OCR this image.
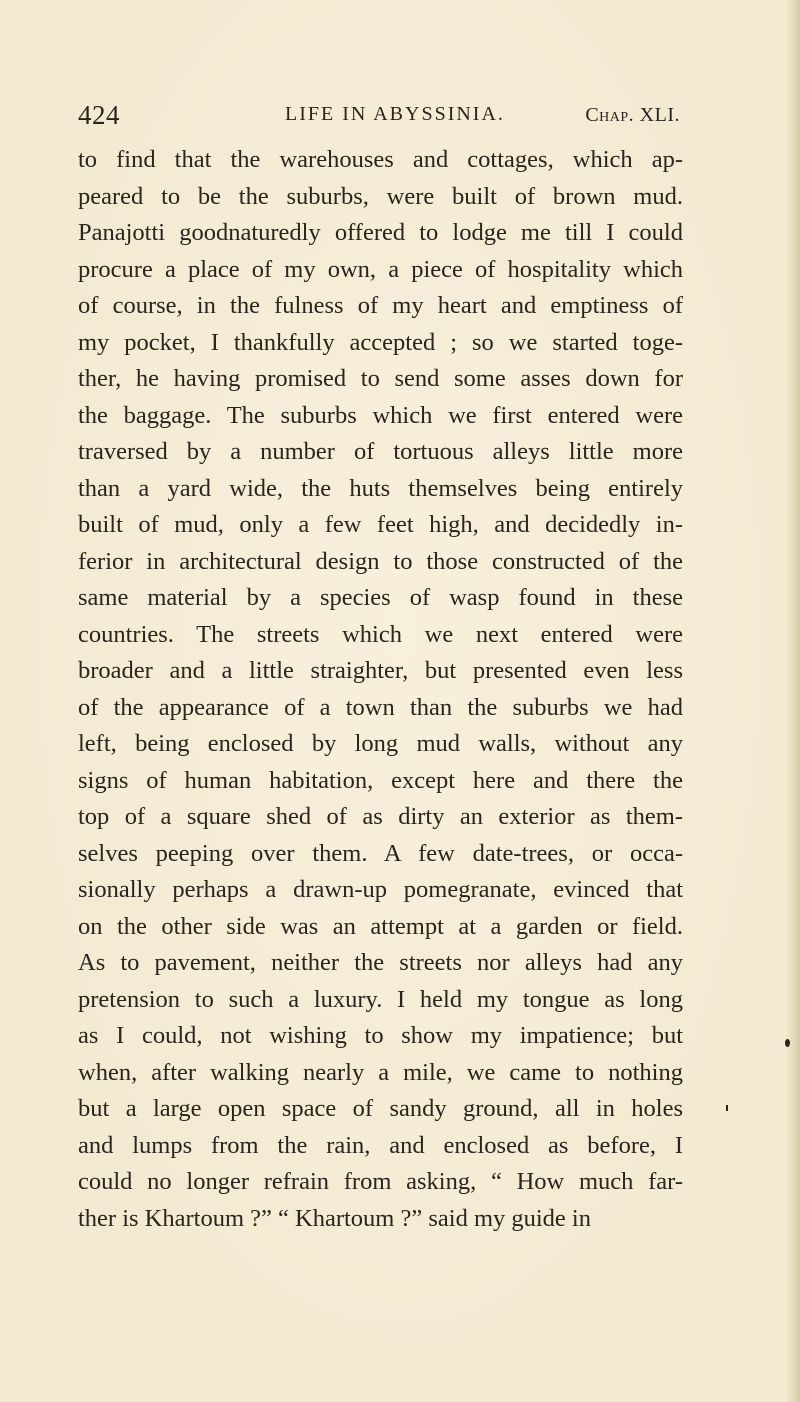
424	LIFE IN ABYSSINIA.	Chap. XLI.
to find that the warehouses and cottages, which ap-
peared to be the suburbs, were built of brown mud.
Panajotti goodnaturedly offered to lodge me till I could
procure a place of my own, a piece of hospitality which
of course, in the fulness of my heart and emptiness of
my pocket, I thankfully accepted ; so we started toge-
ther, he having promised to send some asses down for
the baggage. The suburbs which we first entered were
traversed by a number of tortuous alleys little more
than a yard wide, the huts themselves being entirely
built of mud, only a few feet high, and decidedly in-
ferior in architectural design to those constructed of the
same material by a species of wasp found in these
countries. The streets which we next entered were
broader and a little straighter, but presented even less
of the appearance of a town than the suburbs we had
left, being enclosed by long mud walls, without any
signs of human habitation, except here and there the
top of a square shed of as dirty an exterior as them-
selves peeping over them. A few date-trees, or occa-
sionally perhaps a drawn-up pomegranate, evinced that
on the other side was an attempt at a garden or field.
As to pavement, neither the streets nor alleys had any
pretension to such a luxury. I held my tongue as long
as I could, not wishing to show my impatience; but
when, after walking nearly a mile, we came to nothing
but a large open space of sandy ground, all in holes
and lumps from the rain, and enclosed as before, I
could no longer refrain from asking, “ How much far-
ther is Khartoum ?” “ Khartoum ?” said my guide in
